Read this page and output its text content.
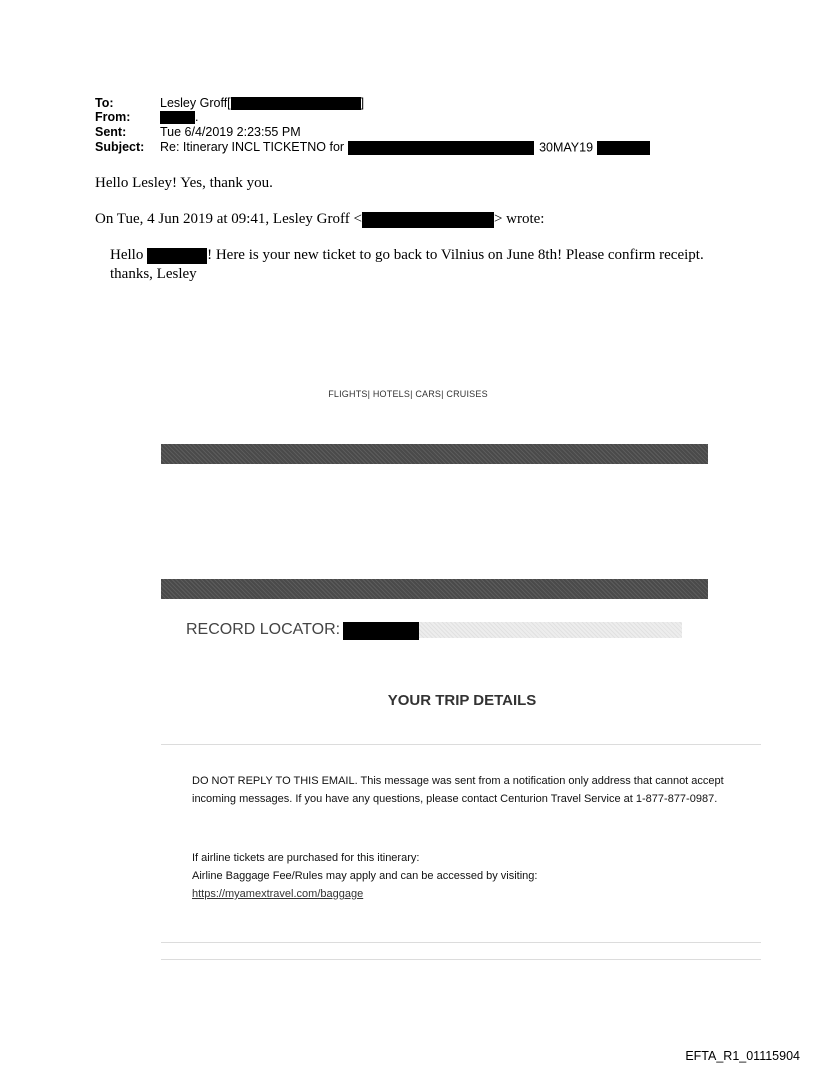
To:	Lesley Groff[	]
From:	.
Sent:	Tue 6/4/2019 2:23:55 PM
Subject: Re: Itinerary INCL TICKETNO for	30MAY19
Hello Lesley! Yes, thank you.
On Tue, 4 Jun 2019 at 09:41, Lesley Groff <	> wrote:
Hello	! Here is your new ticket to go back to Vilnius on June 8th! Please confirm receipt. thanks, Lesley
FLIGHTS| HOTELS| CARS| CRUISES
RECORD LOCATOR:
YOUR TRIP DETAILS
DO NOT REPLY TO THIS EMAIL. This message was sent from a notification only address that cannot accept incoming messages. If you have any questions, please contact Centurion Travel Service at 1-877-877-0987.
If airline tickets are purchased for this itinerary:
Airline Baggage Fee/Rules may apply and can be accessed by visiting:
https://myamextravel.com/baggage
EFTA_R1_01115904
